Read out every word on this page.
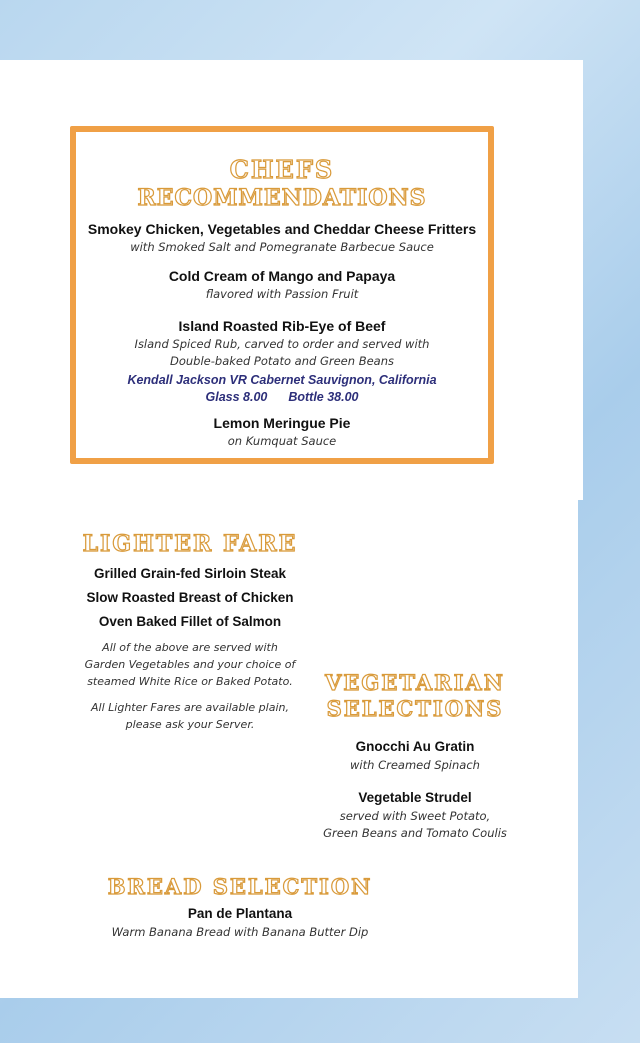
CHEFS
RECOMMENDATIONS
Smokey Chicken, Vegetables and Cheddar Cheese Fritters
with Smoked Salt and Pomegranate Barbecue Sauce
Cold Cream of Mango and Papaya
flavored with Passion Fruit
Island Roasted Rib-Eye of Beef
Island Spiced Rub, carved to order and served with
Double-baked Potato and Green Beans
Kendall Jackson VR Cabernet Sauvignon, California
Glass 8.00 Bottle 38.00
Lemon Meringue Pie
on Kumquat Sauce
LIGHTER FARE
Grilled Grain-fed Sirloin Steak
Slow Roasted Breast of Chicken
Oven Baked Fillet of Salmon
All of the above are served with
Garden Vegetables and your choice of
steamed White Rice or Baked Potato.
All Lighter Fares are available plain,
please ask your Server.
VEGETARIAN
SELECTIONS
Gnocchi Au Gratin
with Creamed Spinach
Vegetable Strudel
served with Sweet Potato,
Green Beans and Tomato Coulis
BREAD SELECTION
Pan de Plantana
Warm Banana Bread with Banana Butter Dip
